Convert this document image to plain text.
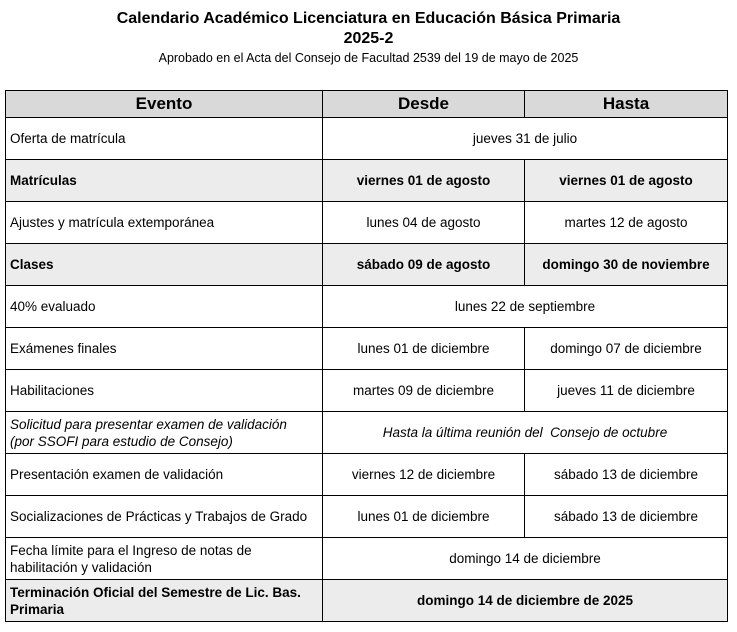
Calendario Académico Licenciatura en Educación Básica Primaria
2025-2
Aprobado en el Acta del Consejo de Facultad 2539 del 19 de mayo de 2025
Evento	Desde	Hasta
Oferta de matrícula	jueves 31 de julio	
Matrículas	viernes 01 de agosto	viernes 01 de agosto
Ajustes y matrícula extemporánea	lunes 04 de agosto	martes 12 de agosto
Clases	sábado 09 de agosto	domingo 30 de noviembre
40% evaluado	lunes 22 de septiembre	
Exámenes finales	lunes 01 de diciembre	domingo 07 de diciembre
Habilitaciones	martes 09 de diciembre	jueves 11 de diciembre

Solicitud para presentar examen de validación
(por SSOFI para estudio de Consejo)	Hasta la última reunión del  Consejo de octubre	
Presentación examen de validación	viernes 12 de diciembre	sábado 13 de diciembre
Socializaciones de Prácticas y Trabajos de Grado	lunes 01 de diciembre	sábado 13 de diciembre

Fecha límite para el Ingreso de notas de
habilitación y validación	domingo 14 de diciembre	

Terminación Oficial del Semestre de Lic. Bas.
Primaria	domingo 14 de diciembre de 2025	
